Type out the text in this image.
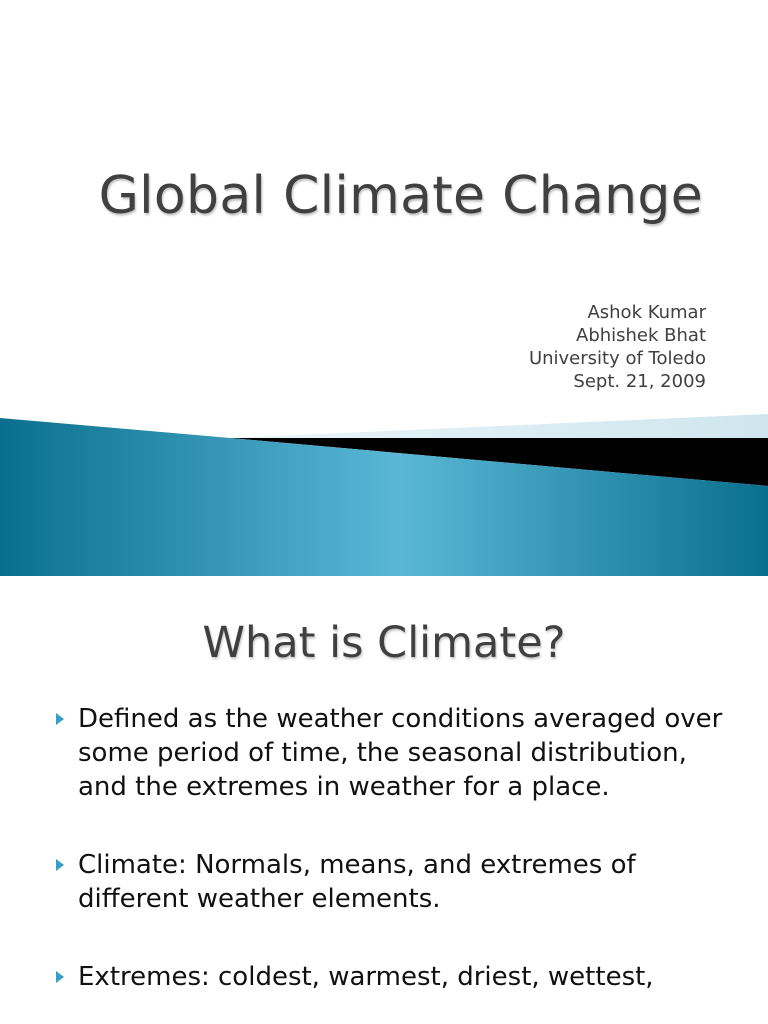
Global Climate Change
Ashok Kumar
Abhishek Bhat
University of Toledo
Sept. 21, 2009
What is Climate?
Defined as the weather conditions averaged over some period of time, the seasonal distribution, and the extremes in weather for a place.
Climate: Normals, means, and extremes of different weather elements.
Extremes: coldest, warmest, driest, wettest,
